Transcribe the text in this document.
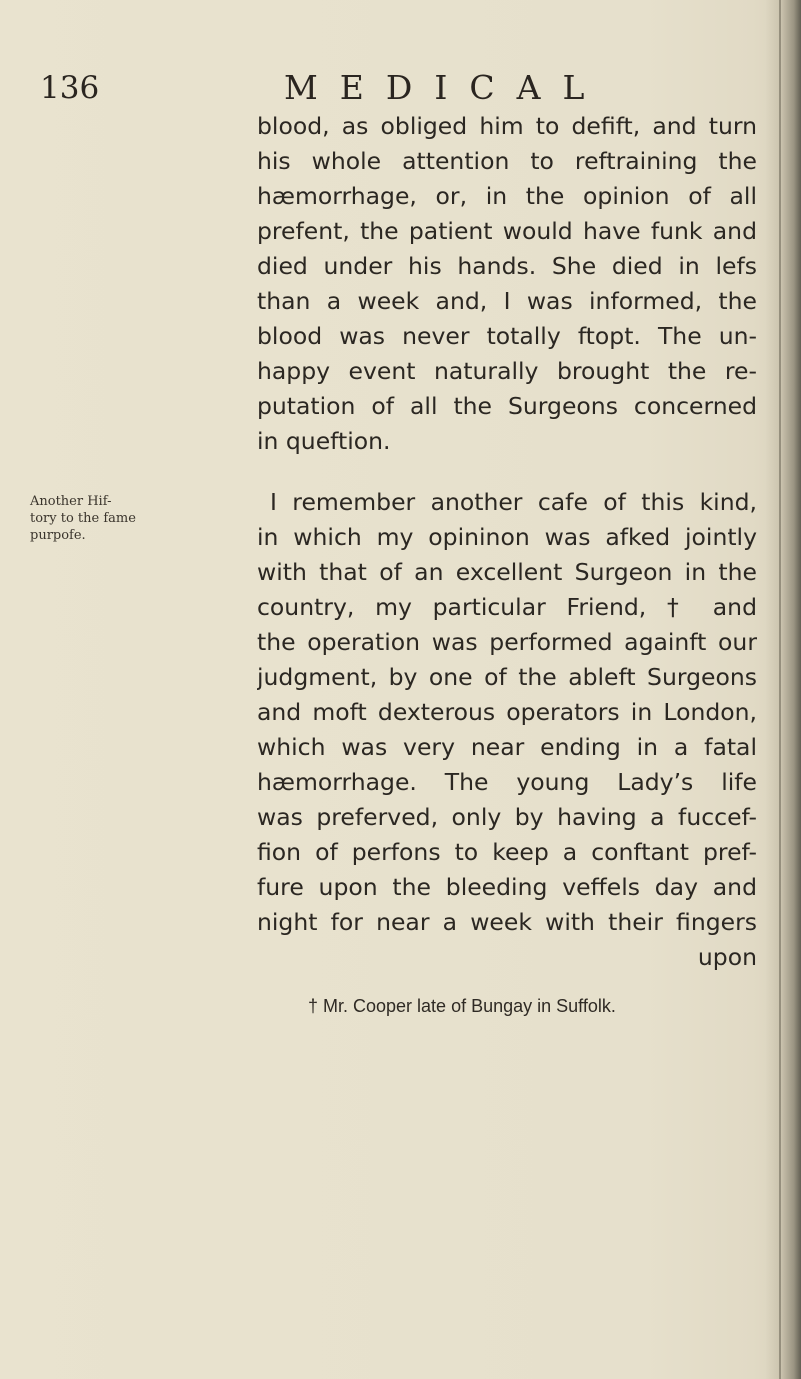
136	MEDICAL
blood, as obliged him to defift, and turn
his whole attention to reftraining the
hæmorrhage, or, in the opinion of all
prefent, the patient would have funk and
died under his hands. She died in lefs
than a week and, I was informed, the
blood was never totally ftopt. The un-
happy event naturally brought the re-
putation of all the Surgeons concerned
in queftion.
Another Hif-
tory to the fame
purpofe.
I remember another cafe of this kind,
in which my opininon was afked jointly
with that of an excellent Surgeon in the
country, my particular Friend, † and
the operation was performed againft our
judgment, by one of the ableft Surgeons
and moft dexterous operators in London,
which was very near ending in a fatal
hæmorrhage. The young Lady’s life
was preferved, only by having a fuccef-
fion of perfons to keep a conftant pref-
fure upon the bleeding veffels day and
night for near a week with their fingers
upon
† Mr. Cooper late of Bungay in Suffolk.
